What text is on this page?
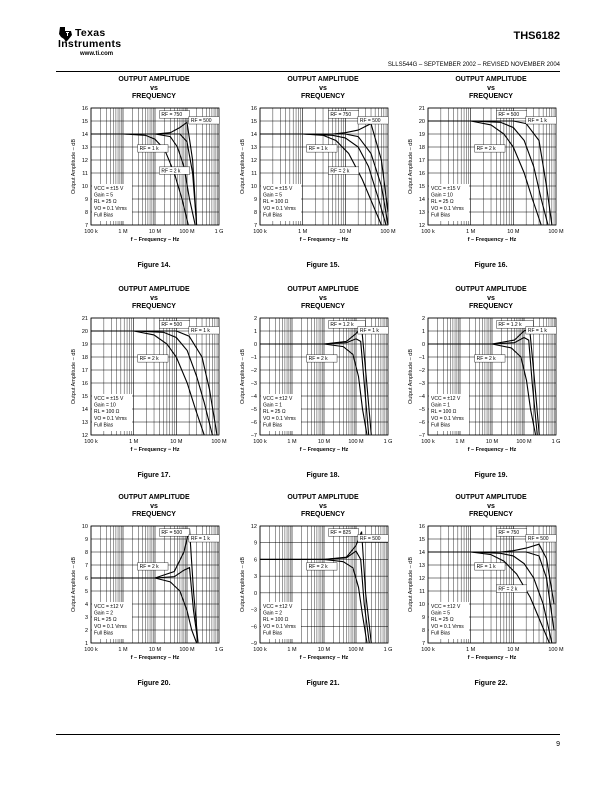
Texas
Instruments
www.ti.com
THS6182
SLLS544G – SEPTEMBER 2002 – REVISED NOVEMBER 2004
OUTPUT AMPLITUDE
vs
FREQUENCY
7
8
9
10
11
12
13
14
15
16
100 k	1 M	10 M	100 M	1 G
f – Frequency – Hz
Output Amplitude – dB
RF = 750
RF = 500
RF = 1 k
RF = 2 k
VCC = ±15 V
Gain = 5
RL = 25 Ω
VO = 0.1 Vrms
Full Bias
Figure 14.
OUTPUT AMPLITUDE
vs
FREQUENCY
7
8
9
10
11
12
13
14
15
16
100 k	1 M	10 M	100 M
f – Frequency – Hz
Output Amplitude – dB
RF = 750
RF = 500
RF = 1 k
RF = 2 k
VCC = ±15 V
Gain = 5
RL = 100 Ω
VO = 0.1 Vrms
Full Bias
Figure 15.
OUTPUT AMPLITUDE
vs
FREQUENCY
12
13
14
15
16
17
18
19
20
21
100 k	1 M	10 M	100 M
f – Frequency – Hz
Output Amplitude – dB
RF = 500
RF = 1 k
RF = 2 k
VCC = ±15 V
Gain = 10
RL = 25 Ω
VO = 0.1 Vrms
Full Bias
Figure 16.
OUTPUT AMPLITUDE
vs
FREQUENCY
12
13
14
15
16
17
18
19
20
21
100 k	1 M	10 M	100 M
f − Frequency − Hz
Output Amplitude − dB
RF = 500
RF = 1 k
RF = 2 k
VCC = ±15 V
Gain = 10
RL = 100 Ω
VO = 0.1 Vrms
Full Bias
Figure 17.
OUTPUT AMPLITUDE
vs
FREQUENCY
−7
−6
−5
−4
−3
−2
−1
0
1
2
100 k	1 M	10 M	100 M	1 G
f – Frequency – Hz
Output Amplitude – dB
RF = 1.2 k
RF = 1 k
RF = 2 k
VCC = ±12 V
Gain = 1
RL = 25 Ω
VO = 0.1 Vrms
Full Bias
Figure 18.
OUTPUT AMPLITUDE
vs
FREQUENCY
−7
−6
−5
−4
−3
−2
−1
0
1
2
100 k	1 M	10 M	100 M	1 G
f – Frequency – Hz
Output Amplitude – dB
RF = 1.2 k
RF = 1 k
RF = 2 k
VCC = ±12 V
Gain = 1
RL = 100 Ω
VO = 0.1 Vrms
Full Bias
Figure 19.
OUTPUT AMPLITUDE
vs
FREQUENCY
1
2
3
4
5
6
7
8
9
10
100 k	1 M	10 M	100 M	1 G
f – Frequency – Hz
Output Amplitude – dB
RF = 500
RF = 1 k
RF = 2 k
VCC = ±12 V
Gain = 2
RL = 25 Ω
VO = 0.1 Vrms
Full Bias
Figure 20.
OUTPUT AMPLITUDE
vs
FREQUENCY
−9
−6
−3
0
3
6
9
12
100 k	1 M	10 M	100 M	1 G
f – Frequency – Hz
Output Amplitude – dB
RF = 825
RF = 500
RF = 2 k
VCC = ±12 V
Gain = 2
RL = 100 Ω
VO = 0.1 Vrms
Full Bias
Figure 21.
OUTPUT AMPLITUDE
vs
FREQUENCY
7
8
9
10
11
12
13
14
15
16
100 k	1 M	10 M	100 M
f – Frequency – Hz
Output Amplitude – dB
RF = 750
RF = 500
RF = 1 k
RF = 2 k
VCC = ±12 V
Gain = 5
RL = 25 Ω
VO = 0.1 Vrms
Full Bias
Figure 22.
9
